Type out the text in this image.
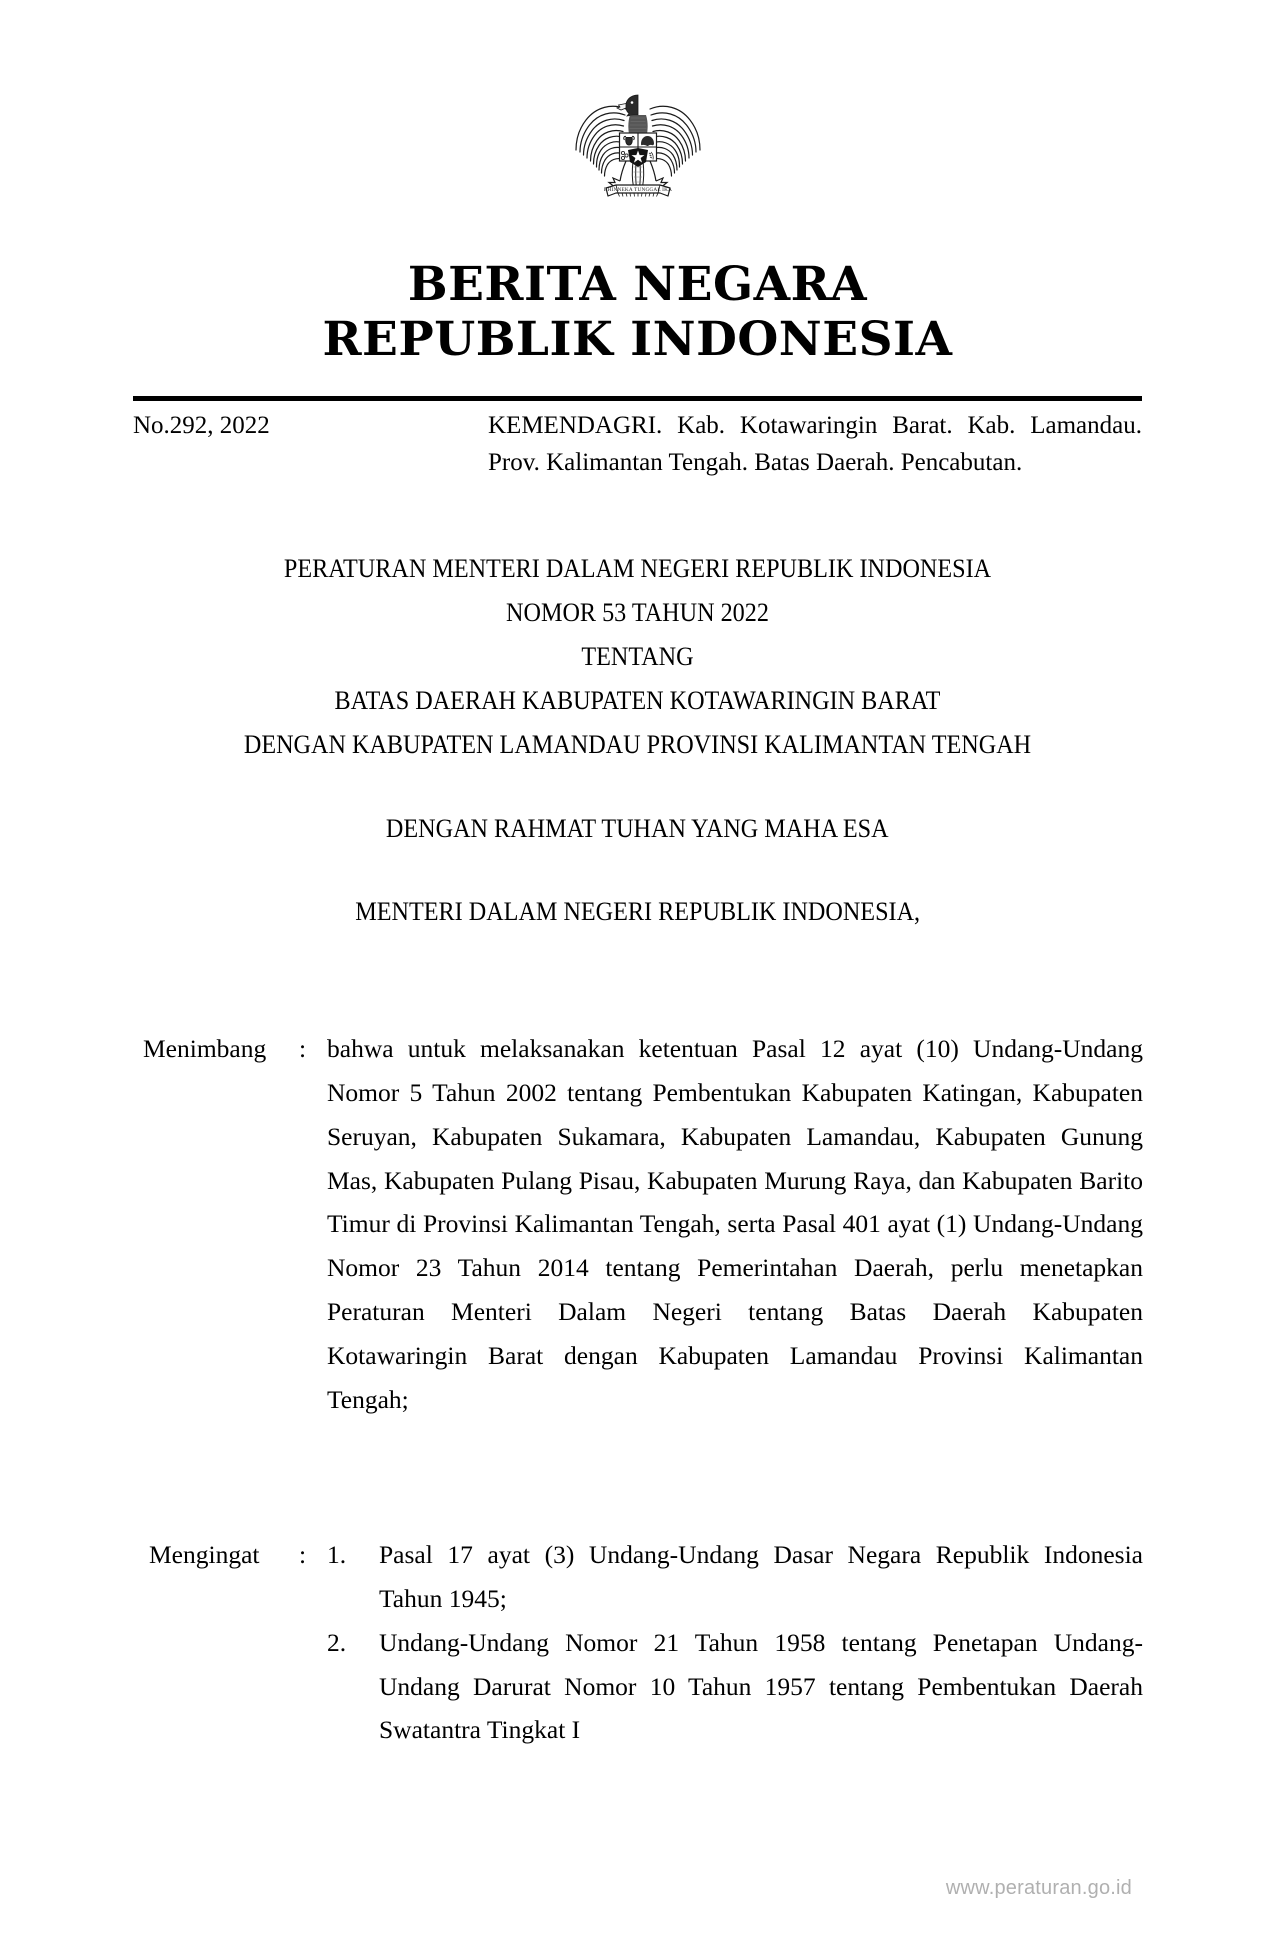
BHINNEKA TUNGGAL IKA
BERITA NEGARA
REPUBLIK INDONESIA
No.292, 2022	KEMENDAGRI. Kab. Kotawaringin Barat. Kab. Lamandau. Prov. Kalimantan Tengah. Batas Daerah. Pencabutan.
PERATURAN MENTERI DALAM NEGERI REPUBLIK INDONESIA
NOMOR 53 TAHUN 2022
TENTANG
BATAS DAERAH KABUPATEN KOTAWARINGIN BARAT
DENGAN KABUPATEN LAMANDAU PROVINSI KALIMANTAN TENGAH
DENGAN RAHMAT TUHAN YANG MAHA ESA
MENTERI DALAM NEGERI REPUBLIK INDONESIA,
Menimbang	: bahwa untuk melaksanakan ketentuan Pasal 12 ayat (10) Undang-Undang Nomor 5 Tahun 2002 tentang Pembentukan Kabupaten Katingan, Kabupaten Seruyan, Kabupaten Sukamara, Kabupaten Lamandau, Kabupaten Gunung Mas, Kabupaten Pulang Pisau, Kabupaten Murung Raya, dan Kabupaten Barito Timur di Provinsi Kalimantan Tengah, serta Pasal 401 ayat (1) Undang-Undang Nomor 23 Tahun 2014 tentang Pemerintahan Daerah, perlu menetapkan Peraturan Menteri Dalam Negeri tentang Batas Daerah Kabupaten Kotawaringin Barat dengan Kabupaten Lamandau Provinsi Kalimantan Tengah;
Mengingat	: 1.	Pasal 17 ayat (3) Undang-Undang Dasar Negara Republik Indonesia Tahun 1945;
2.	Undang-Undang Nomor 21 Tahun 1958 tentang Penetapan Undang-Undang Darurat Nomor 10 Tahun 1957 tentang Pembentukan Daerah Swatantra Tingkat I
www.peraturan.go.id
